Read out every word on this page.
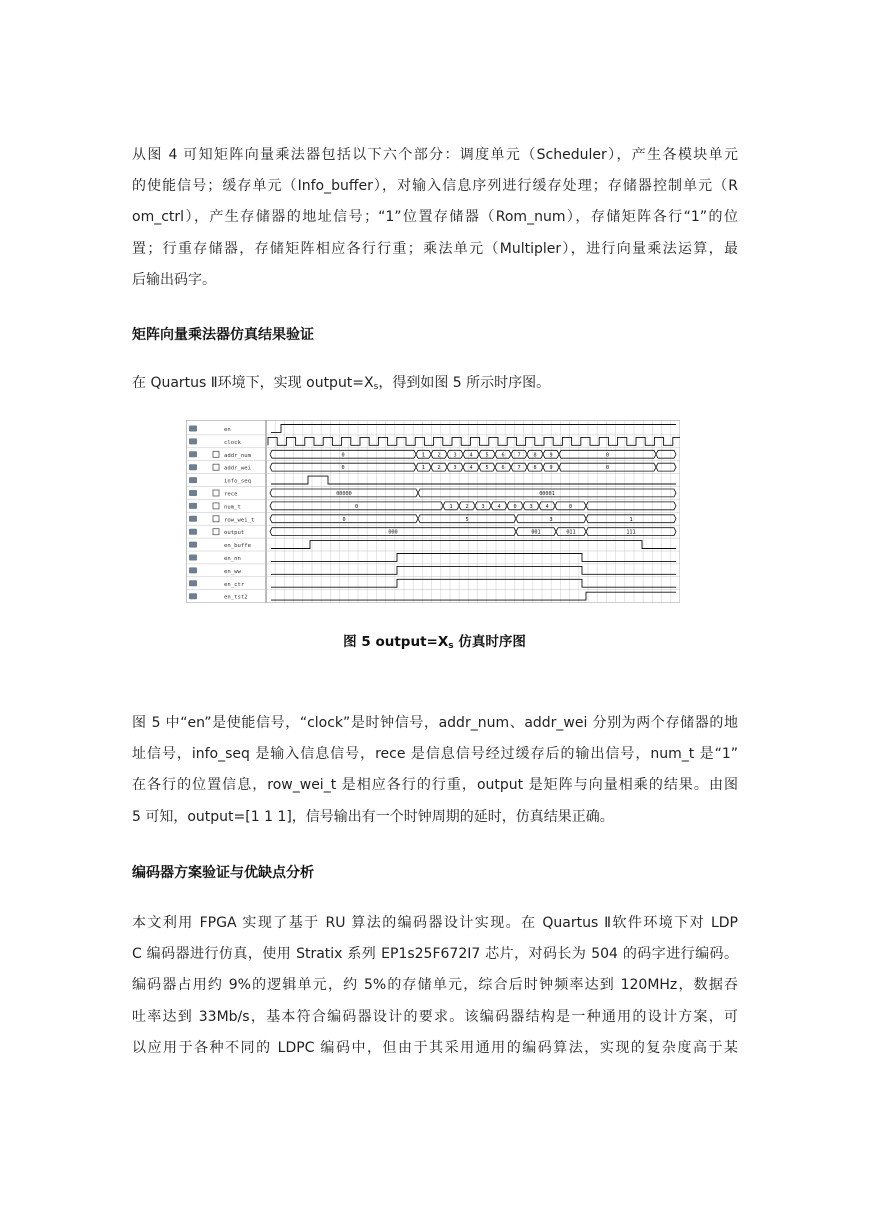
从图 4 可知矩阵向量乘法器包括以下六个部分：调度单元（Scheduler），产生各模块单元
的使能信号；缓存单元（Info_buffer），对输入信息序列进行缓存处理；存储器控制单元（R
om_ctrl），产生存储器的地址信号；“1”位置存储器（Rom_num），存储矩阵各行“1”的位
置；行重存储器，存储矩阵相应各行行重；乘法单元（Multipler），进行向量乘法运算，最
后输出码字。
矩阵向量乘法器仿真结果验证
在 Quartus Ⅱ环境下，实现 $output=X_s$，得到如图 5 所示时序图。
en
clock
addr_num	0	1 2 3 4 5 6 7 8 9	0
addr_wei	0	1 2 3 4 5 6 7 8 9	0
info_seq
rece	00000	00001
num_t	0	1 2 3 4 0 3 4	0
row_wei_t	0	5	3	1
output	000	001	011	111
en_buffe
en_nn
en_ww
en_ctr
en_tst2
图 5 $output=X_s$ 仿真时序图
图 5 中“en”是使能信号，“clock”是时钟信号，addr_num、addr_wei 分别为两个存储器的地
址信号，info_seq 是输入信息信号，rece 是信息信号经过缓存后的输出信号，num_t 是“1”
在各行的位置信息，row_wei_t 是相应各行的行重，output 是矩阵与向量相乘的结果。由图
5 可知，output=[1 1 1]，信号输出有一个时钟周期的延时，仿真结果正确。
编码器方案验证与优缺点分析
本文利用 FPGA 实现了基于 RU 算法的编码器设计实现。在 Quartus Ⅱ软件环境下对 LDP
C 编码器进行仿真，使用 Stratix 系列 EP1s25F672I7 芯片，对码长为 504 的码字进行编码。
编码器占用约 9%的逻辑单元，约 5%的存储单元，综合后时钟频率达到 120MHz，数据吞
吐率达到 33Mb/s，基本符合编码器设计的要求。该编码器结构是一种通用的设计方案，可
以应用于各种不同的 LDPC 编码中，但由于其采用通用的编码算法，实现的复杂度高于某
